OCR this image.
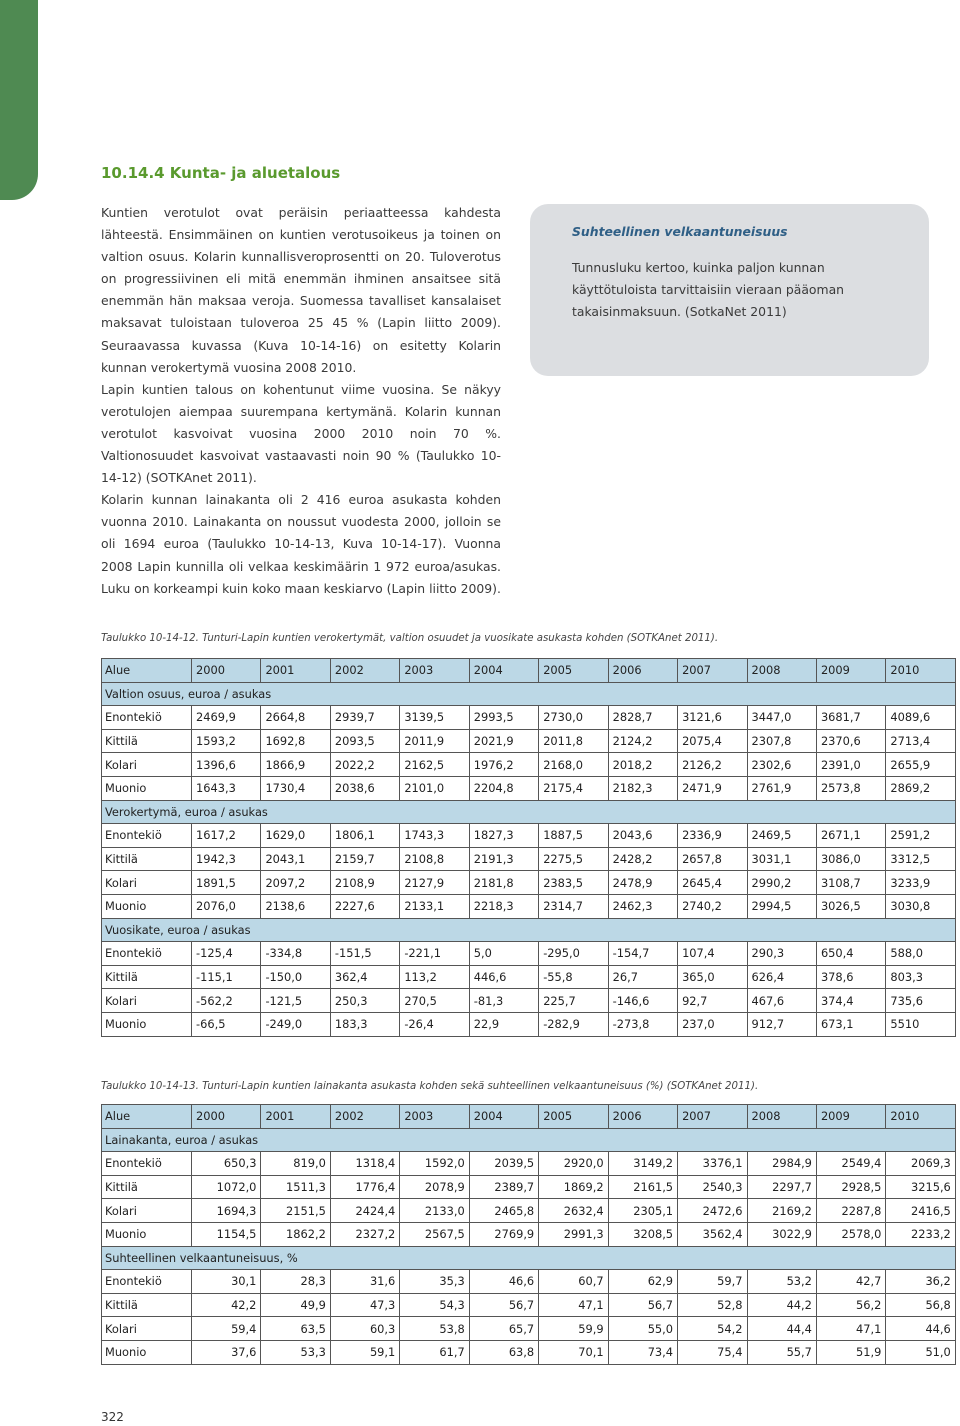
10.14.4 Kunta- ja aluetalous

Kuntien verotulot ovat peräisin periaatteessa kahdesta lähteestä. Ensimmäinen on kuntien verotusoikeus ja toinen on valtion osuus. Kolarin kunnallisveroprosentti on 20. Tuloverotus on progressiivinen eli mitä enemmän ihminen ansaitsee sitä enemmän hän maksaa veroja. Suomessa tavalliset kansalaiset maksavat tuloistaan tuloveroa 25 45 % (Lapin liitto 2009). Seuraavassa kuvassa (Kuva 10-14-16) on esitetty Kolarin kunnan verokertymä vuosina 2008 2010.

Lapin kuntien talous on kohentunut viime vuosina. Se näkyy verotulojen aiempaa suurempana kertymänä. Kolarin kunnan verotulot kasvoivat vuosina 2000 2010 noin 70 %. Valtionosuudet kasvoivat vastaavasti noin 90 % (Taulukko 10-14-12) (SOTKAnet 2011).

Kolarin kunnan lainakanta oli 2 416 euroa asukasta kohden vuonna 2010. Lainakanta on noussut vuodesta 2000, jolloin se oli 1694 euroa (Taulukko 10-14-13, Kuva 10-14-17). Vuonna 2008 Lapin kunnilla oli velkaa keskimäärin 1 972 euroa/asukas. Luku on korkeampi kuin koko maan keskiarvo (Lapin liitto 2009).

Suhteellinen velkaantuneisuus

Tunnusluku kertoo, kuinka paljon kunnan käyttötuloista tarvittaisiin vieraan pääoman takaisinmaksuun. (SotkaNet 2011)

Taulukko 10-14-12. Tunturi-Lapin kuntien verokertymät, valtion osuudet ja vuosikate asukasta kohden (SOTKAnet 2011).
Alue	2000	2001	2002	2003	2004	2005	2006	2007	2008	2009	2010
Valtion osuus, euroa / asukas											
Enontekiö	2469,9	2664,8	2939,7	3139,5	2993,5	2730,0	2828,7	3121,6	3447,0	3681,7	4089,6
Kittilä	1593,2	1692,8	2093,5	2011,9	2021,9	2011,8	2124,2	2075,4	2307,8	2370,6	2713,4
Kolari	1396,6	1866,9	2022,2	2162,5	1976,2	2168,0	2018,2	2126,2	2302,6	2391,0	2655,9
Muonio	1643,3	1730,4	2038,6	2101,0	2204,8	2175,4	2182,3	2471,9	2761,9	2573,8	2869,2
Verokertymä, euroa / asukas											
Enontekiö	1617,2	1629,0	1806,1	1743,3	1827,3	1887,5	2043,6	2336,9	2469,5	2671,1	2591,2
Kittilä	1942,3	2043,1	2159,7	2108,8	2191,3	2275,5	2428,2	2657,8	3031,1	3086,0	3312,5
Kolari	1891,5	2097,2	2108,9	2127,9	2181,8	2383,5	2478,9	2645,4	2990,2	3108,7	3233,9
Muonio	2076,0	2138,6	2227,6	2133,1	2218,3	2314,7	2462,3	2740,2	2994,5	3026,5	3030,8
Vuosikate, euroa / asukas											
Enontekiö	-125,4	-334,8	-151,5	-221,1	5,0	-295,0	-154,7	107,4	290,3	650,4	588,0
Kittilä	-115,1	-150,0	362,4	113,2	446,6	-55,8	26,7	365,0	626,4	378,6	803,3
Kolari	-562,2	-121,5	250,3	270,5	-81,3	225,7	-146,6	92,7	467,6	374,4	735,6
Muonio	-66,5	-249,0	183,3	-26,4	22,9	-282,9	-273,8	237,0	912,7	673,1	5510
Taulukko 10-14-13. Tunturi-Lapin kuntien lainakanta asukasta kohden sekä suhteellinen velkaantuneisuus (%) (SOTKAnet 2011).
Alue	2000	2001	2002	2003	2004	2005	2006	2007	2008	2009	2010
Lainakanta, euroa / asukas											
Enontekiö	650,3	819,0	1318,4	1592,0	2039,5	2920,0	3149,2	3376,1	2984,9	2549,4	2069,3
Kittilä	1072,0	1511,3	1776,4	2078,9	2389,7	1869,2	2161,5	2540,3	2297,7	2928,5	3215,6
Kolari	1694,3	2151,5	2424,4	2133,0	2465,8	2632,4	2305,1	2472,6	2169,2	2287,8	2416,5
Muonio	1154,5	1862,2	2327,2	2567,5	2769,9	2991,3	3208,5	3562,4	3022,9	2578,0	2233,2
Suhteellinen velkaantuneisuus, %											
Enontekiö	30,1	28,3	31,6	35,3	46,6	60,7	62,9	59,7	53,2	42,7	36,2
Kittilä	42,2	49,9	47,3	54,3	56,7	47,1	56,7	52,8	44,2	56,2	56,8
Kolari	59,4	63,5	60,3	53,8	65,7	59,9	55,0	54,2	44,4	47,1	44,6
Muonio	37,6	53,3	59,1	61,7	63,8	70,1	73,4	75,4	55,7	51,9	51,0
322
